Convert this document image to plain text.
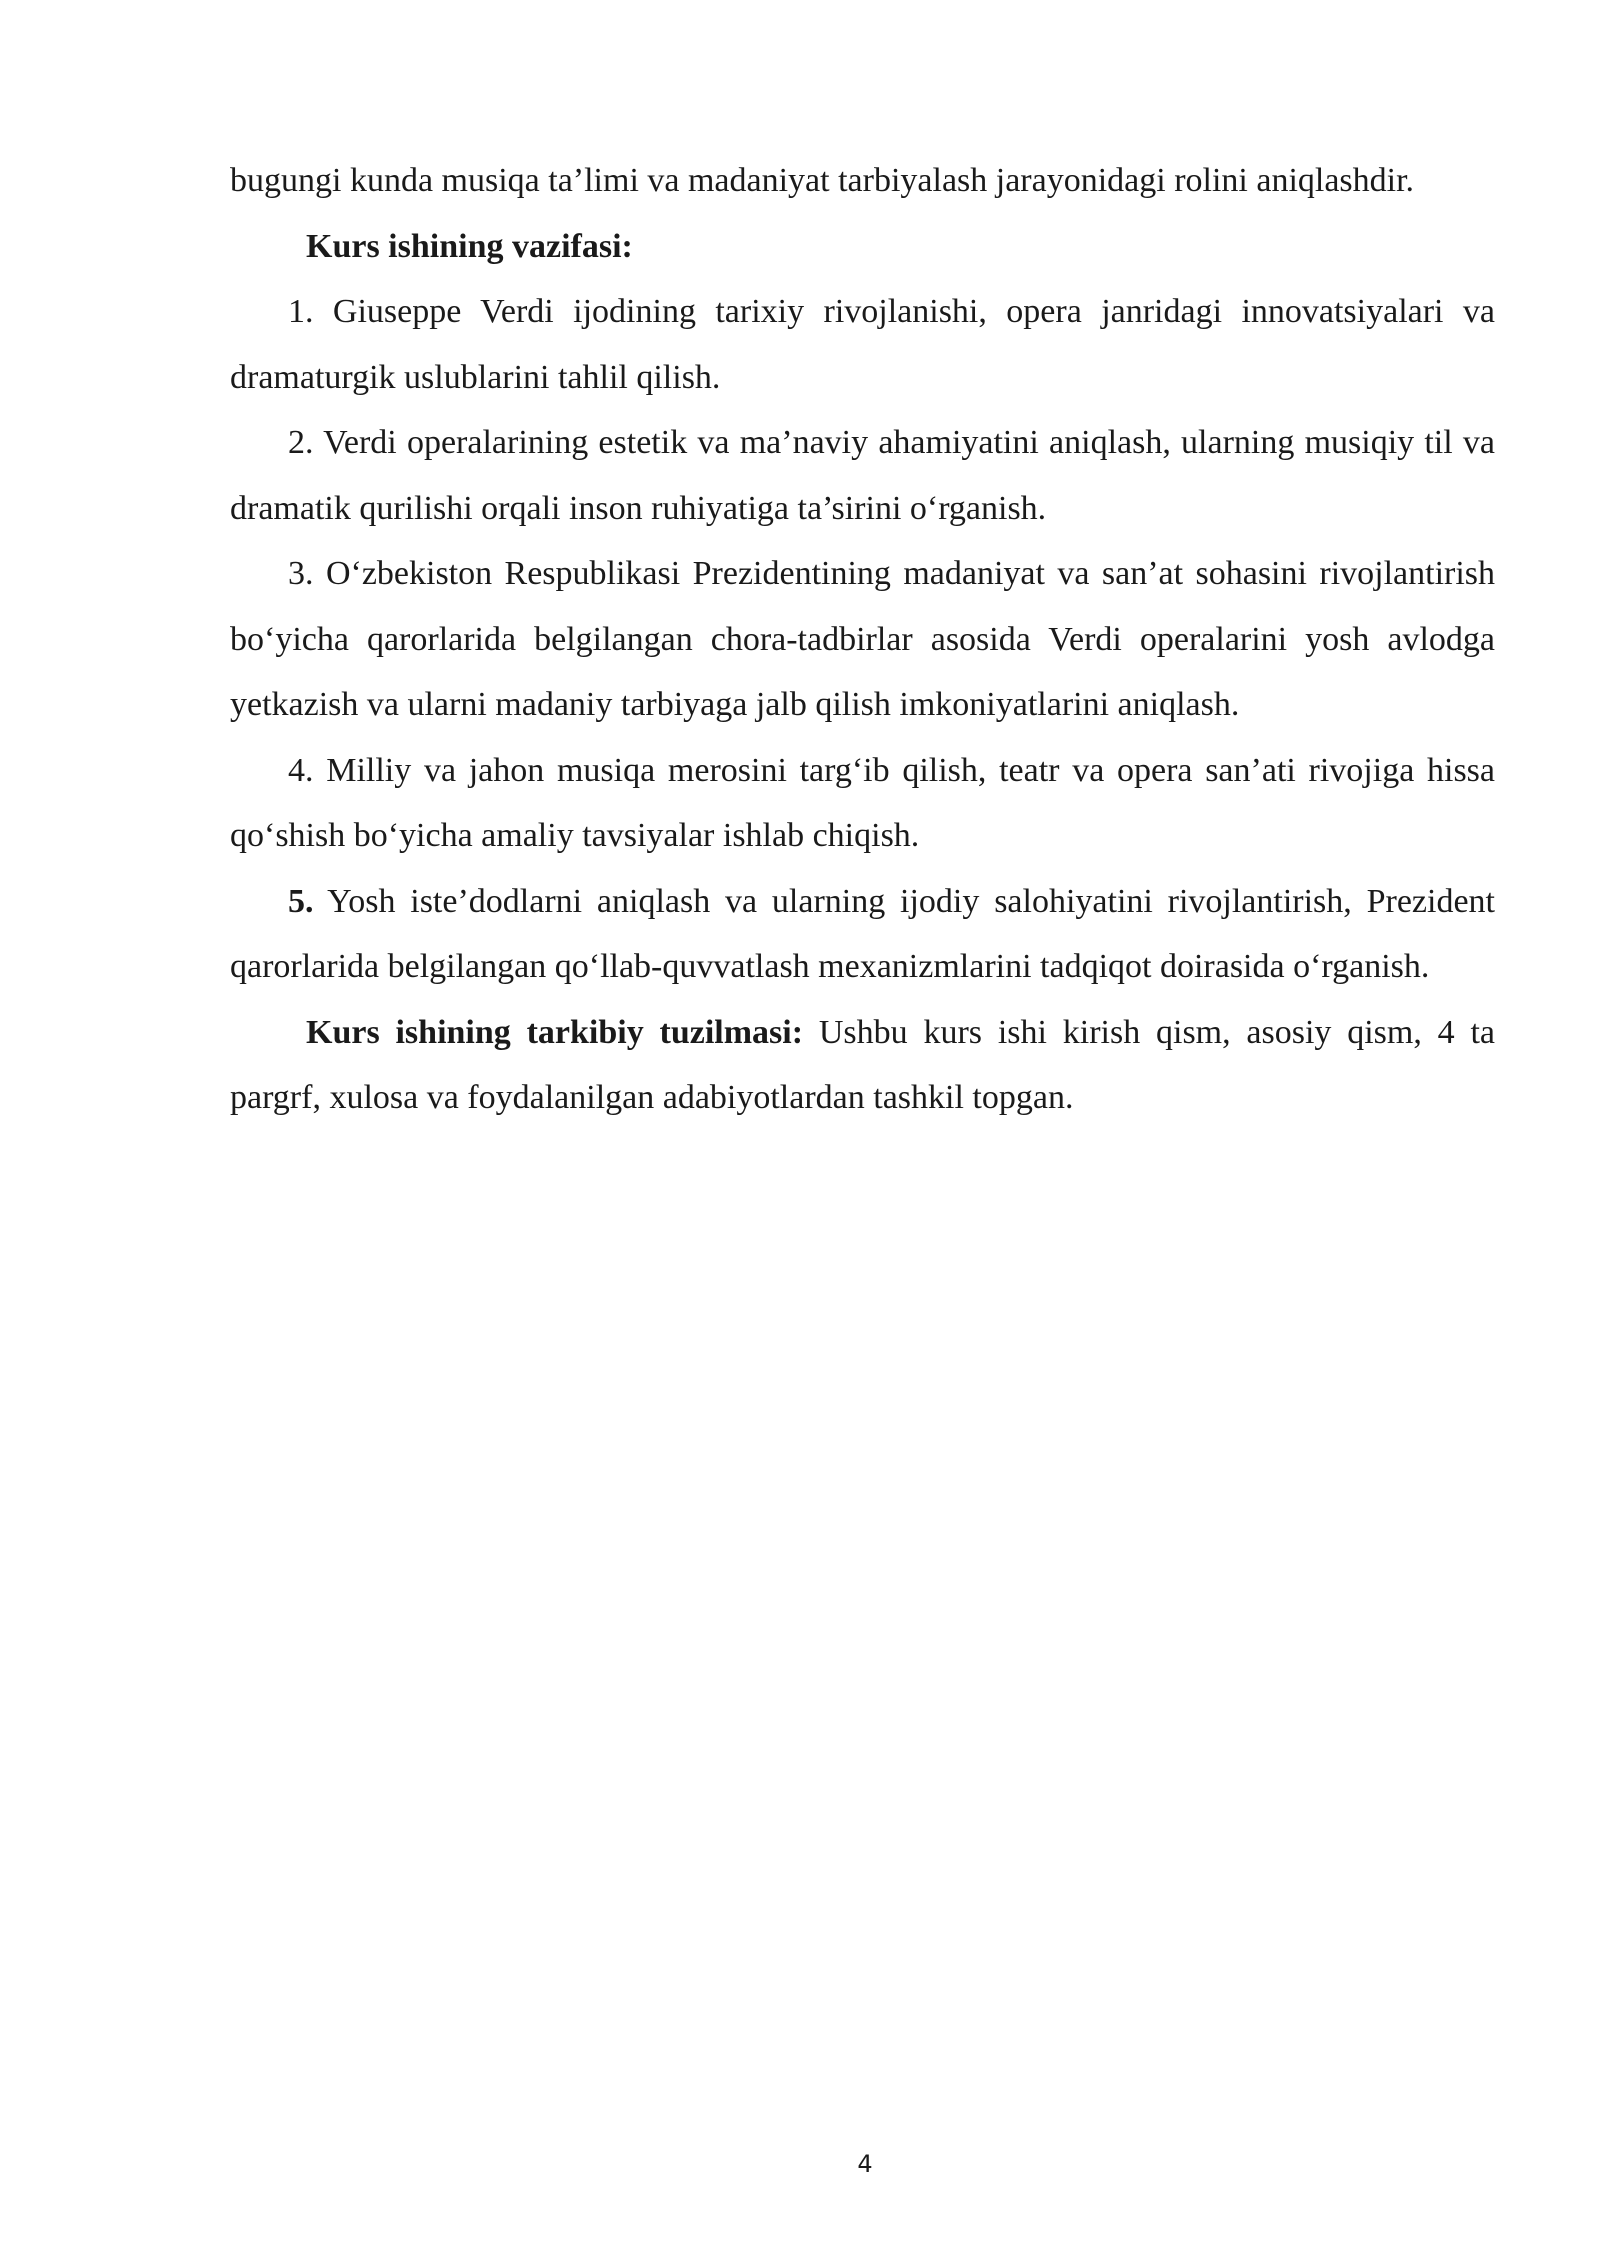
bugungi kunda musiqa ta’limi va madaniyat tarbiyalash jarayonidagi rolini aniqlashdir.

Kurs ishining vazifasi:

1. Giuseppe Verdi ijodining tarixiy rivojlanishi, opera janridagi innovatsiyalari va dramaturgik uslublarini tahlil qilish.

2. Verdi operalarining estetik va ma’naviy ahamiyatini aniqlash, ularning musiqiy til va dramatik qurilishi orqali inson ruhiyatiga ta’sirini o‘rganish.

3. O‘zbekiston Respublikasi Prezidentining madaniyat va san’at sohasini rivojlantirish bo‘yicha qarorlarida belgilangan chora-tadbirlar asosida Verdi operalarini yosh avlodga yetkazish va ularni madaniy tarbiyaga jalb qilish imkoniyatlarini aniqlash.

4. Milliy va jahon musiqa merosini targ‘ib qilish, teatr va opera san’ati rivojiga hissa qo‘shish bo‘yicha amaliy tavsiyalar ishlab chiqish.

5. Yosh iste’dodlarni aniqlash va ularning ijodiy salohiyatini rivojlantirish, Prezident qarorlarida belgilangan qo‘llab-quvvatlash mexanizmlarini tadqiqot doirasida o‘rganish.

Kurs ishining tarkibiy tuzilmasi: Ushbu kurs ishi kirish qism, asosiy qism, 4 ta pargrf, xulosa va foydalanilgan adabiyotlardan tashkil topgan.

4
